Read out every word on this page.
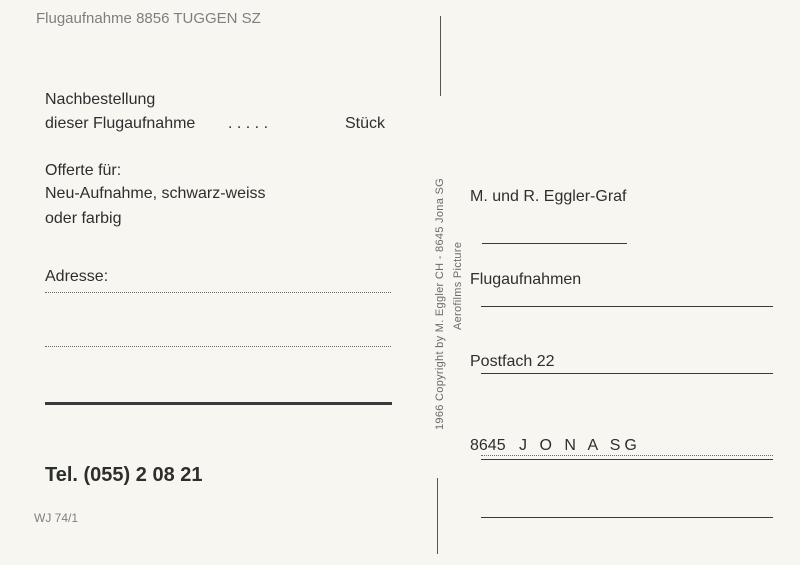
Flugaufnahme 8856 TUGGEN SZ
Nachbestellung
dieser Flugaufnahme . . . . .	Stück
Offerte für:
Neu-Aufnahme, schwarz-weiss
oder farbig
Adresse:
Tel. (055) 2 08 21
WJ 74/1
1966 Copyright by M. Eggler CH - 8645 Jona SG Aerofilms Picture
M. und R. Eggler-Graf
Flugaufnahmen
Postfach 22
8645 J O N A SG
